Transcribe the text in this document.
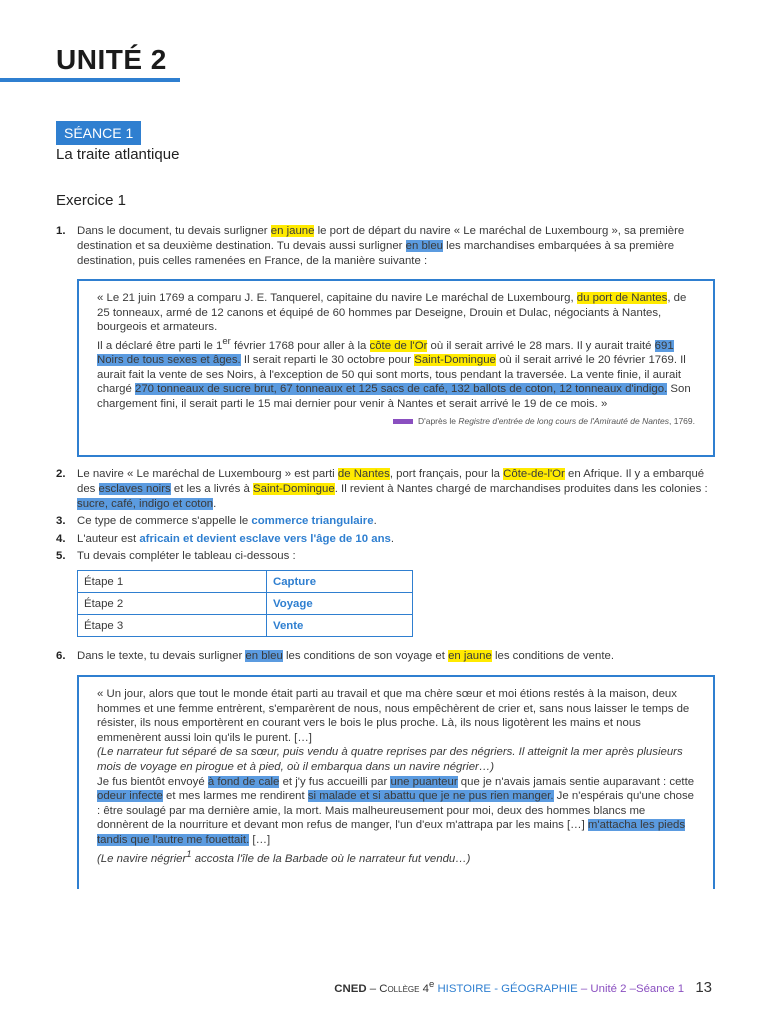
UNITÉ 2
SÉANCE 1
La traite atlantique
Exercice 1
1. Dans le document, tu devais surligner en jaune le port de départ du navire « Le maréchal de Luxembourg », sa première destination et sa deuxième destination. Tu devais aussi surligner en bleu les marchandises embarquées à sa première destination, puis celles ramenées en France, de la manière suivante :

« Le 21 juin 1769 a comparu J. E. Tanquerel, capitaine du navire Le maréchal de Luxembourg, du port de Nantes, de 25 tonneaux, armé de 12 canons et équipé de 60 hommes par Deseigne, Drouin et Dulac, négociants à Nantes, bourgeois et armateurs.

Il a déclaré être parti le 1er février 1768 pour aller à la côte de l'Or où il serait arrivé le 28 mars. Il y aurait traité 691 Noirs de tous sexes et âges. Il serait reparti le 30 octobre pour Saint-Domingue où il serait arrivé le 20 février 1769. Il aurait fait la vente de ses Noirs, à l'exception de 50 qui sont morts, tous pendant la traversée. La vente finie, il aurait chargé 270 tonneaux de sucre brut, 67 tonneaux et 125 sacs de café, 132 ballots de coton, 12 tonneaux d'indigo. Son chargement fini, il serait parti le 15 mai dernier pour venir à Nantes et serait arrivé le 19 de ce mois. »

D'après le Registre d'entrée de long cours de l'Amirauté de Nantes, 1769.
2. Le navire « Le maréchal de Luxembourg » est parti de Nantes, port français, pour la Côte-de-l'Or en Afrique. Il y a embarqué des esclaves noirs et les a livrés à Saint-Domingue. Il revient à Nantes chargé de marchandises produites dans les colonies : sucre, café, indigo et coton.
3. Ce type de commerce s'appelle le commerce triangulaire.
4. L'auteur est africain et devient esclave vers l'âge de 10 ans.
5. Tu devais compléter le tableau ci-dessous :
Étape 1	Capture
Étape 2	Voyage
Étape 3	Vente
6. Dans le texte, tu devais surligner en bleu les conditions de son voyage et en jaune les conditions de vente.

« Un jour, alors que tout le monde était parti au travail et que ma chère sœur et moi étions restés à la maison, deux hommes et une femme entrèrent, s'emparèrent de nous, nous empêchèrent de crier et, sans nous laisser le temps de résister, ils nous emportèrent en courant vers le bois le plus proche. Là, ils nous ligotèrent les mains et nous emmenèrent aussi loin qu'ils le purent. […]

(Le narrateur fut séparé de sa sœur, puis vendu à quatre reprises par des négriers. Il atteignit la mer après plusieurs mois de voyage en pirogue et à pied, où il embarqua dans un navire négrier…)

Je fus bientôt envoyé à fond de cale et j'y fus accueilli par une puanteur que je n'avais jamais sentie auparavant : cette odeur infecte et mes larmes me rendirent si malade et si abattu que je ne pus rien manger. Je n'espérais qu'une chose : être soulagé par ma dernière amie, la mort. Mais malheureusement pour moi, deux des hommes blancs me donnèrent de la nourriture et devant mon refus de manger, l'un d'eux m'attrapa par les mains […] m'attacha les pieds tandis que l'autre me fouettait. […]

(Le navire négrier$^1$ accosta l'île de la Barbade où le narrateur fut vendu…)

CNED – Collège 4e HISTOIRE - GÉOGRAPHIE – Unité 2 –Séance 1 13
